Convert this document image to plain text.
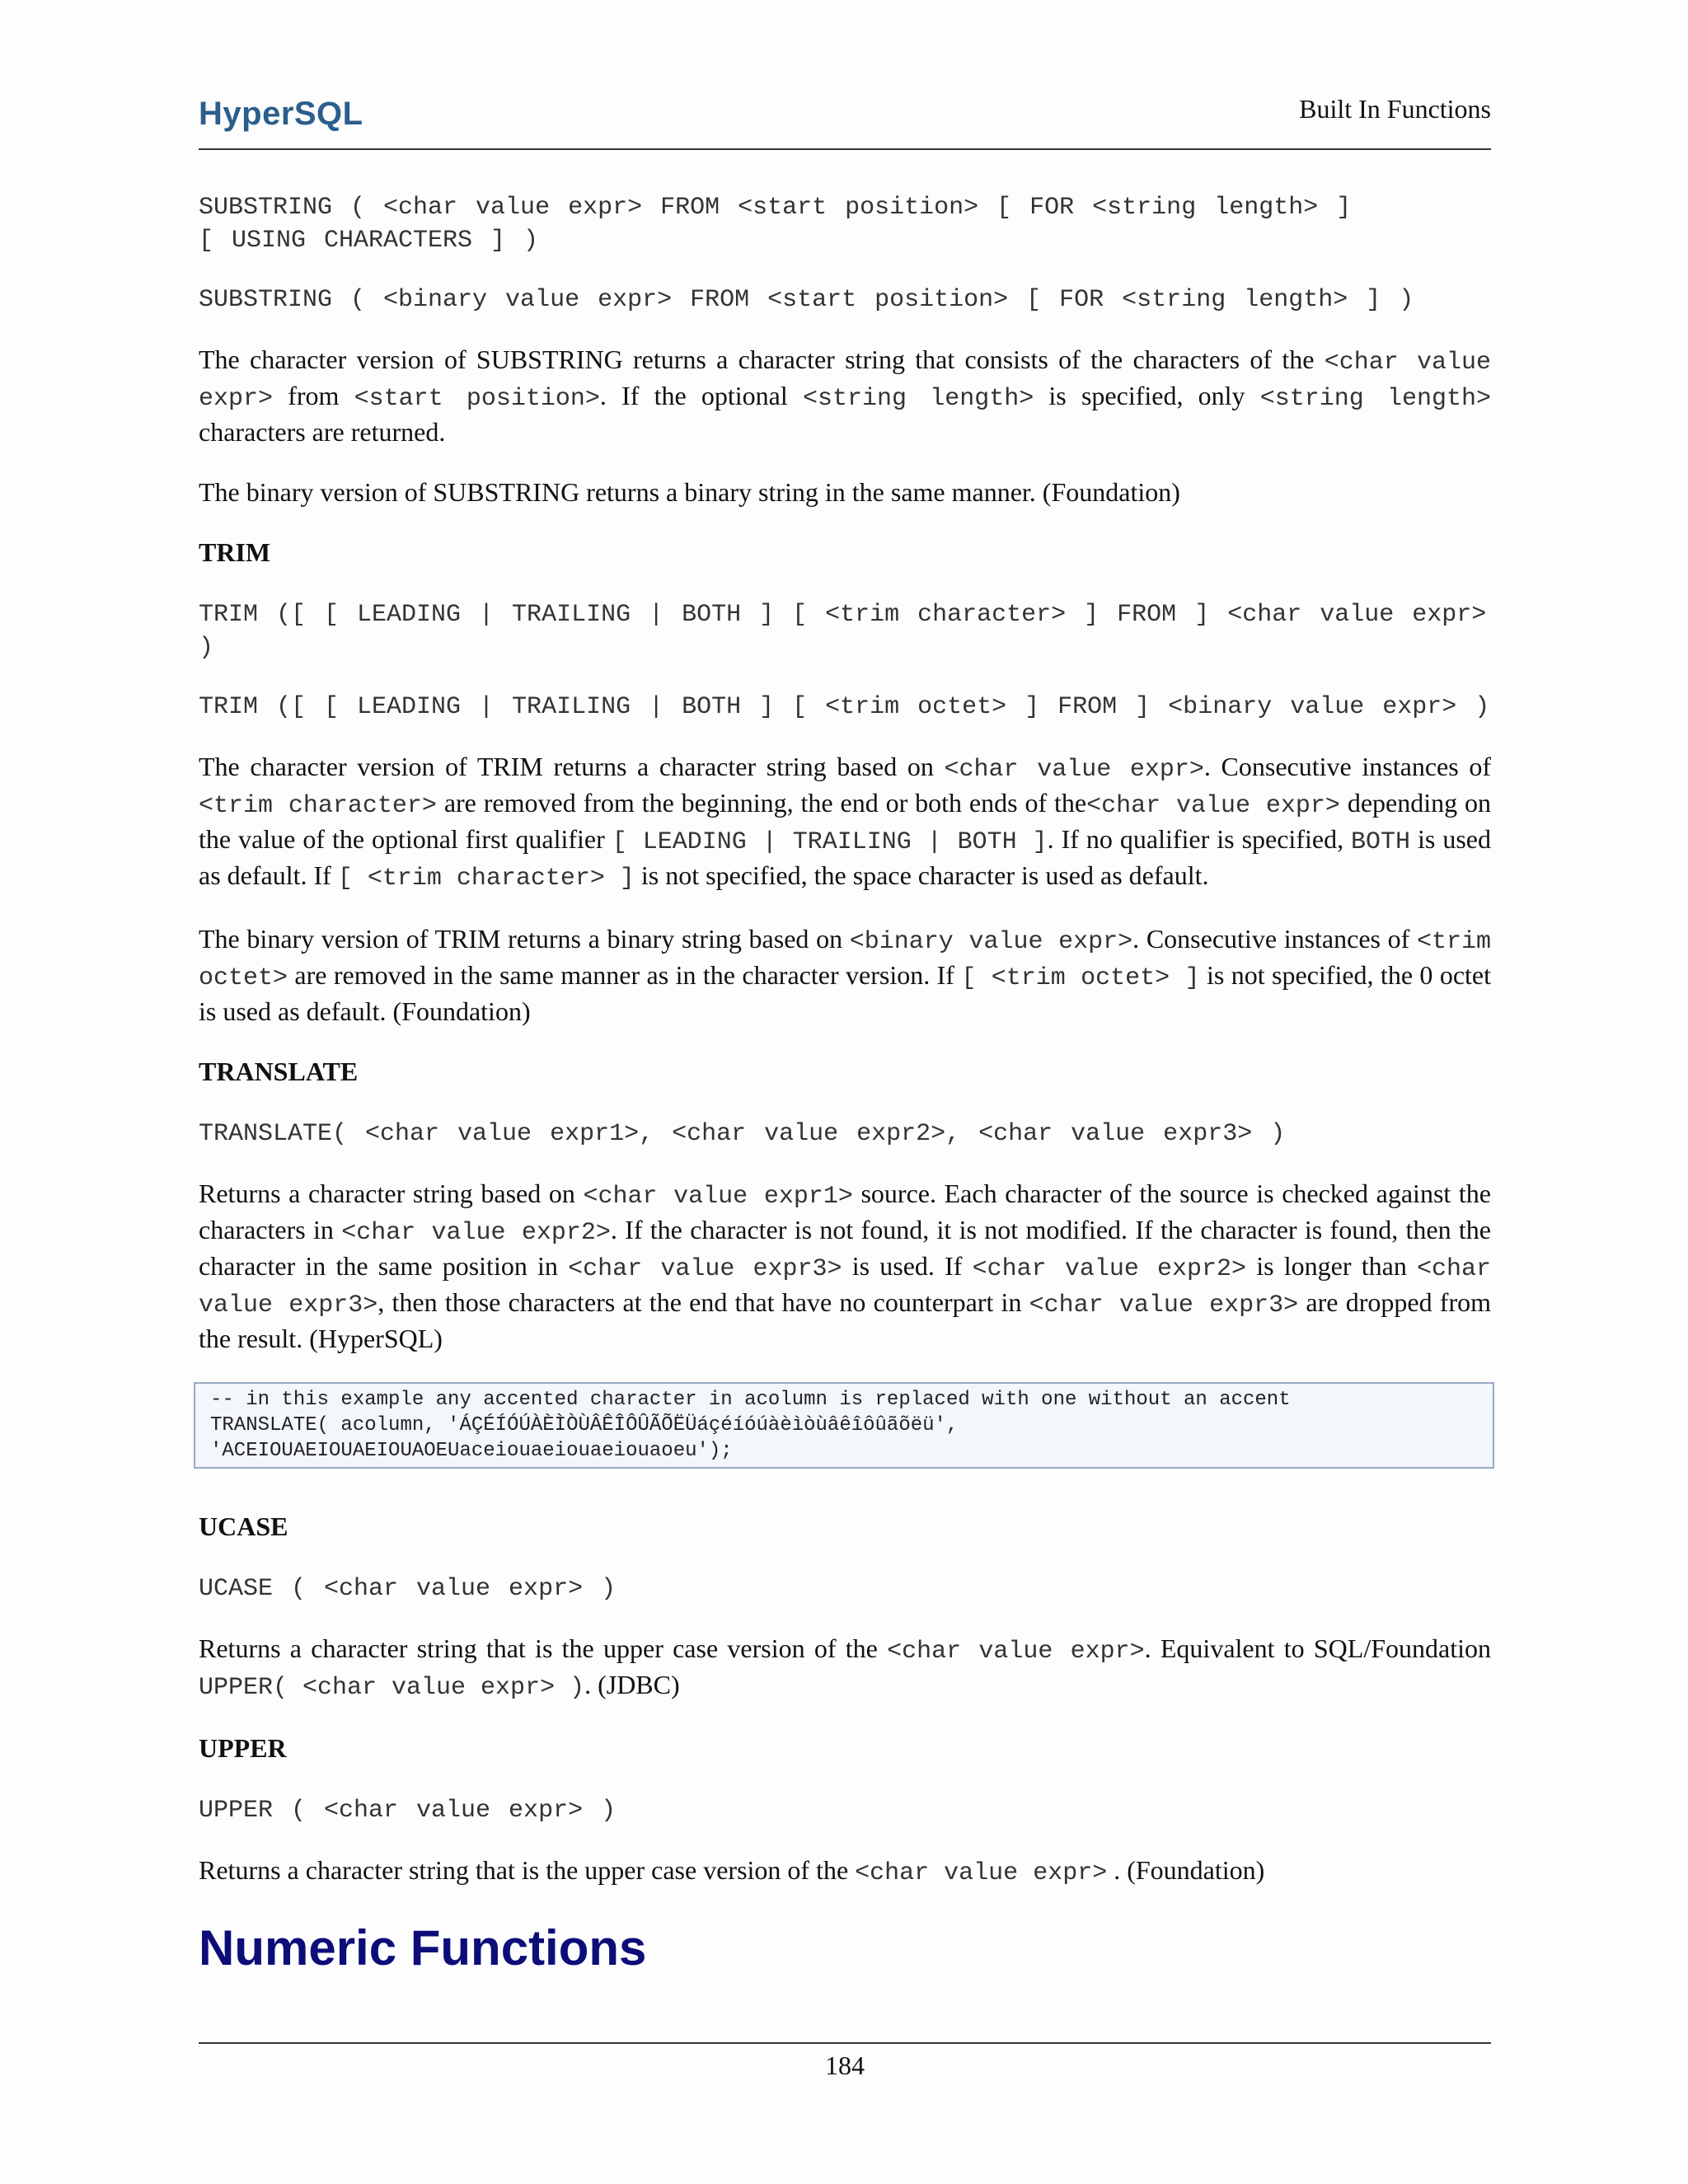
HyperSQL	Built In Functions
SUBSTRING ( <char value expr> FROM <start position> [ FOR <string length> ]
[ USING CHARACTERS ] )
SUBSTRING ( <binary value expr> FROM <start position> [ FOR <string length> ] )

The character version of SUBSTRING returns a character string that consists of the characters of the <char value expr> from <start position>. If the optional <string length> is specified, only <string length> characters are returned.

The binary version of SUBSTRING returns a binary string in the same manner. (Foundation)

TRIM
TRIM ([ [ LEADING | TRAILING | BOTH ] [ <trim character> ] FROM ] <char value expr> )
TRIM ([ [ LEADING | TRAILING | BOTH ] [ <trim octet> ] FROM ] <binary value expr> )

The character version of TRIM returns a character string based on <char value expr>. Consecutive instances of <trim character> are removed from the beginning, the end or both ends of the<char value expr> depending on the value of the optional first qualifier [ LEADING | TRAILING | BOTH ]. If no qualifier is specified, BOTH is used as default. If [ <trim character> ] is not specified, the space character is used as default.

The binary version of TRIM returns a binary string based on <binary value expr>. Consecutive instances of <trim octet> are removed in the same manner as in the character version. If [ <trim octet> ] is not specified, the 0 octet is used as default. (Foundation)

TRANSLATE
TRANSLATE( <char value expr1>, <char value expr2>, <char value expr3> )

Returns a character string based on <char value expr1> source. Each character of the source is checked against the characters in <char value expr2>. If the character is not found, it is not modified. If the character is found, then the character in the same position in <char value expr3> is used. If <char value expr2> is longer than <char value expr3>, then those characters at the end that have no counterpart in <char value expr3> are dropped from the result. (HyperSQL)

-- in this example any accented character in acolumn is replaced with one without an accent
TRANSLATE( acolumn, 'ÁÇÉÍÓÚÀÈÌÒÙÂÊÎÔÛÃÕËÜáçéíóúàèìòùâêîôûãõëü',
'ACEIOUAEIOUAEIOUAOEUaceiouaeiouaeiouaoeu');
UCASE
UCASE ( <char value expr> )

Returns a character string that is the upper case version of the <char value expr>. Equivalent to SQL/Foundation UPPER( <char value expr> ). (JDBC)

UPPER
UPPER ( <char value expr> )

Returns a character string that is the upper case version of the <char value expr> . (Foundation)

Numeric Functions
184
